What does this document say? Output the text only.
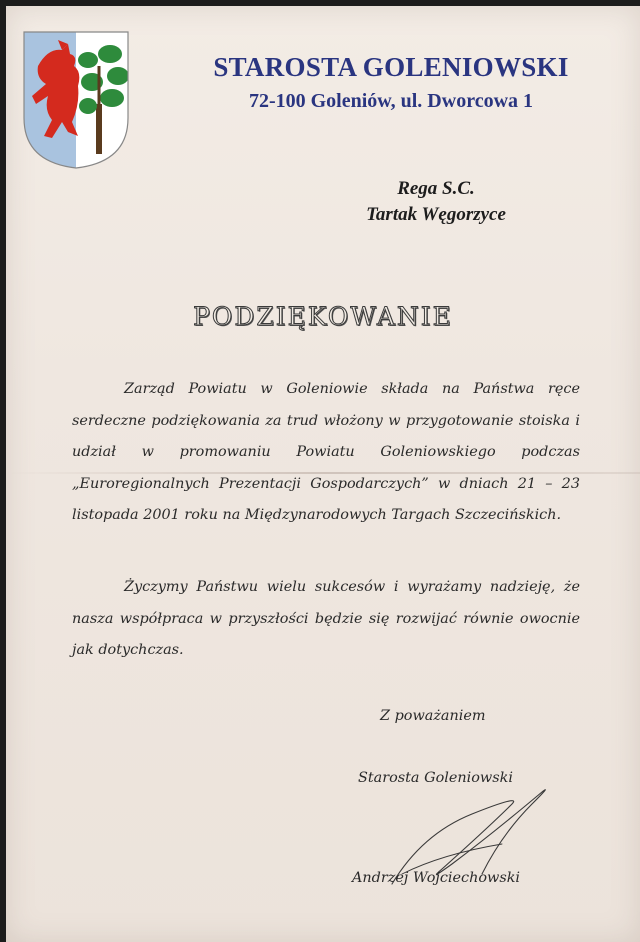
STAROSTA GOLENIOWSKI
72-100 Goleniów, ul. Dworcowa 1
Rega S.C.
Tartak Węgorzyce
PODZIĘKOWANIE
Zarząd Powiatu w Goleniowie składa na Państwa ręce serdeczne podziękowania za trud włożony w przygotowanie stoiska i udział w promowaniu Powiatu Goleniowskiego podczas „Euroregionalnych Prezentacji Gospodarczych” w dniach 21 – 23 listopada 2001 roku na Międzynarodowych Targach Szczecińskich.
Życzymy Państwu wielu sukcesów i wyrażamy nadzieję, że nasza współpraca w przyszłości będzie się rozwijać równie owocnie jak dotychczas.
Z poważaniem
Starosta Goleniowski
Andrzej Wojciechowski
